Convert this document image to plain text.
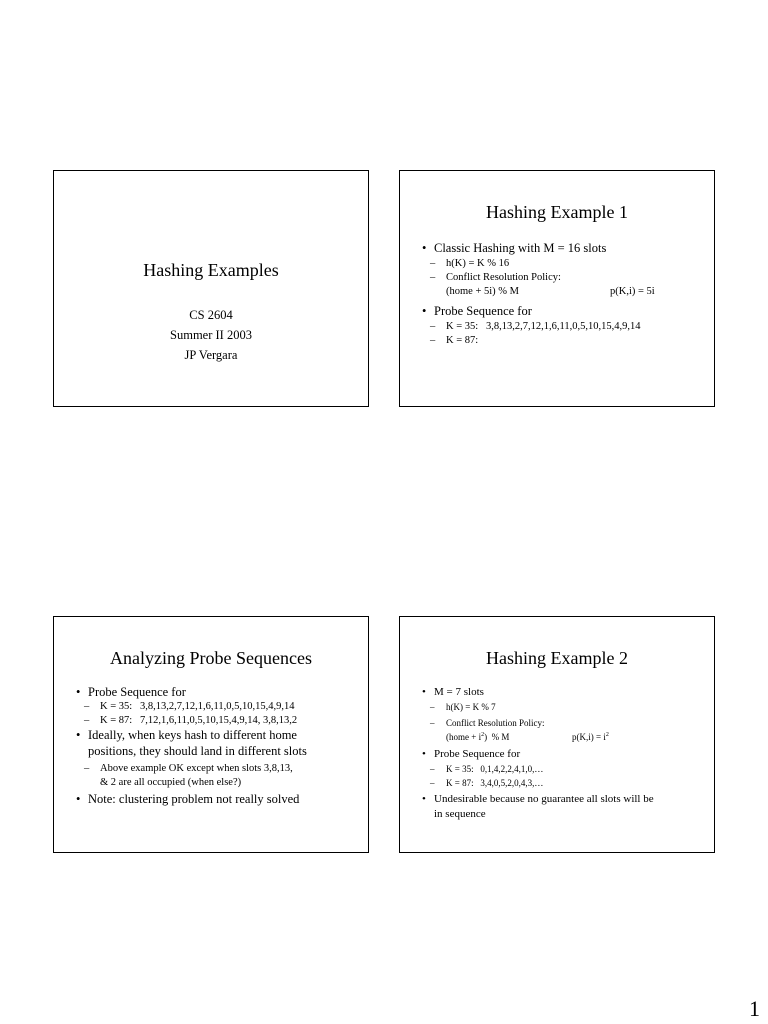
Hashing Examples
CS 2604
Summer II 2003
JP Vergara
Hashing Example 1
• Classic Hashing with M = 16 slots
– h(K) = K % 16
– Conflict Resolution Policy:
(home + 5i) % M	p(K,i) = 5i
• Probe Sequence for
– K = 35:   3,8,13,2,7,12,1,6,11,0,5,10,15,4,9,14
– K = 87:
Analyzing Probe Sequences
• Probe Sequence for
– K = 35:   3,8,13,2,7,12,1,6,11,0,5,10,15,4,9,14
– K = 87:   7,12,1,6,11,0,5,10,15,4,9,14, 3,8,13,2
• Ideally, when keys hash to different home
positions, they should land in different slots
– Above example OK except when slots 3,8,13,
& 2 are all occupied (when else?)
• Note: clustering problem not really solved
Hashing Example 2
• M = 7 slots
– h(K) = K % 7
– Conflict Resolution Policy:
(home + $i^2$)  % M	$p(K,i) = i^2$
• Probe Sequence for
– K = 35:   0,1,4,2,2,4,1,0,…
– K = 87:   3,4,0,5,2,0,4,3,…
• Undesirable because no guarantee all slots will be
in sequence
1
